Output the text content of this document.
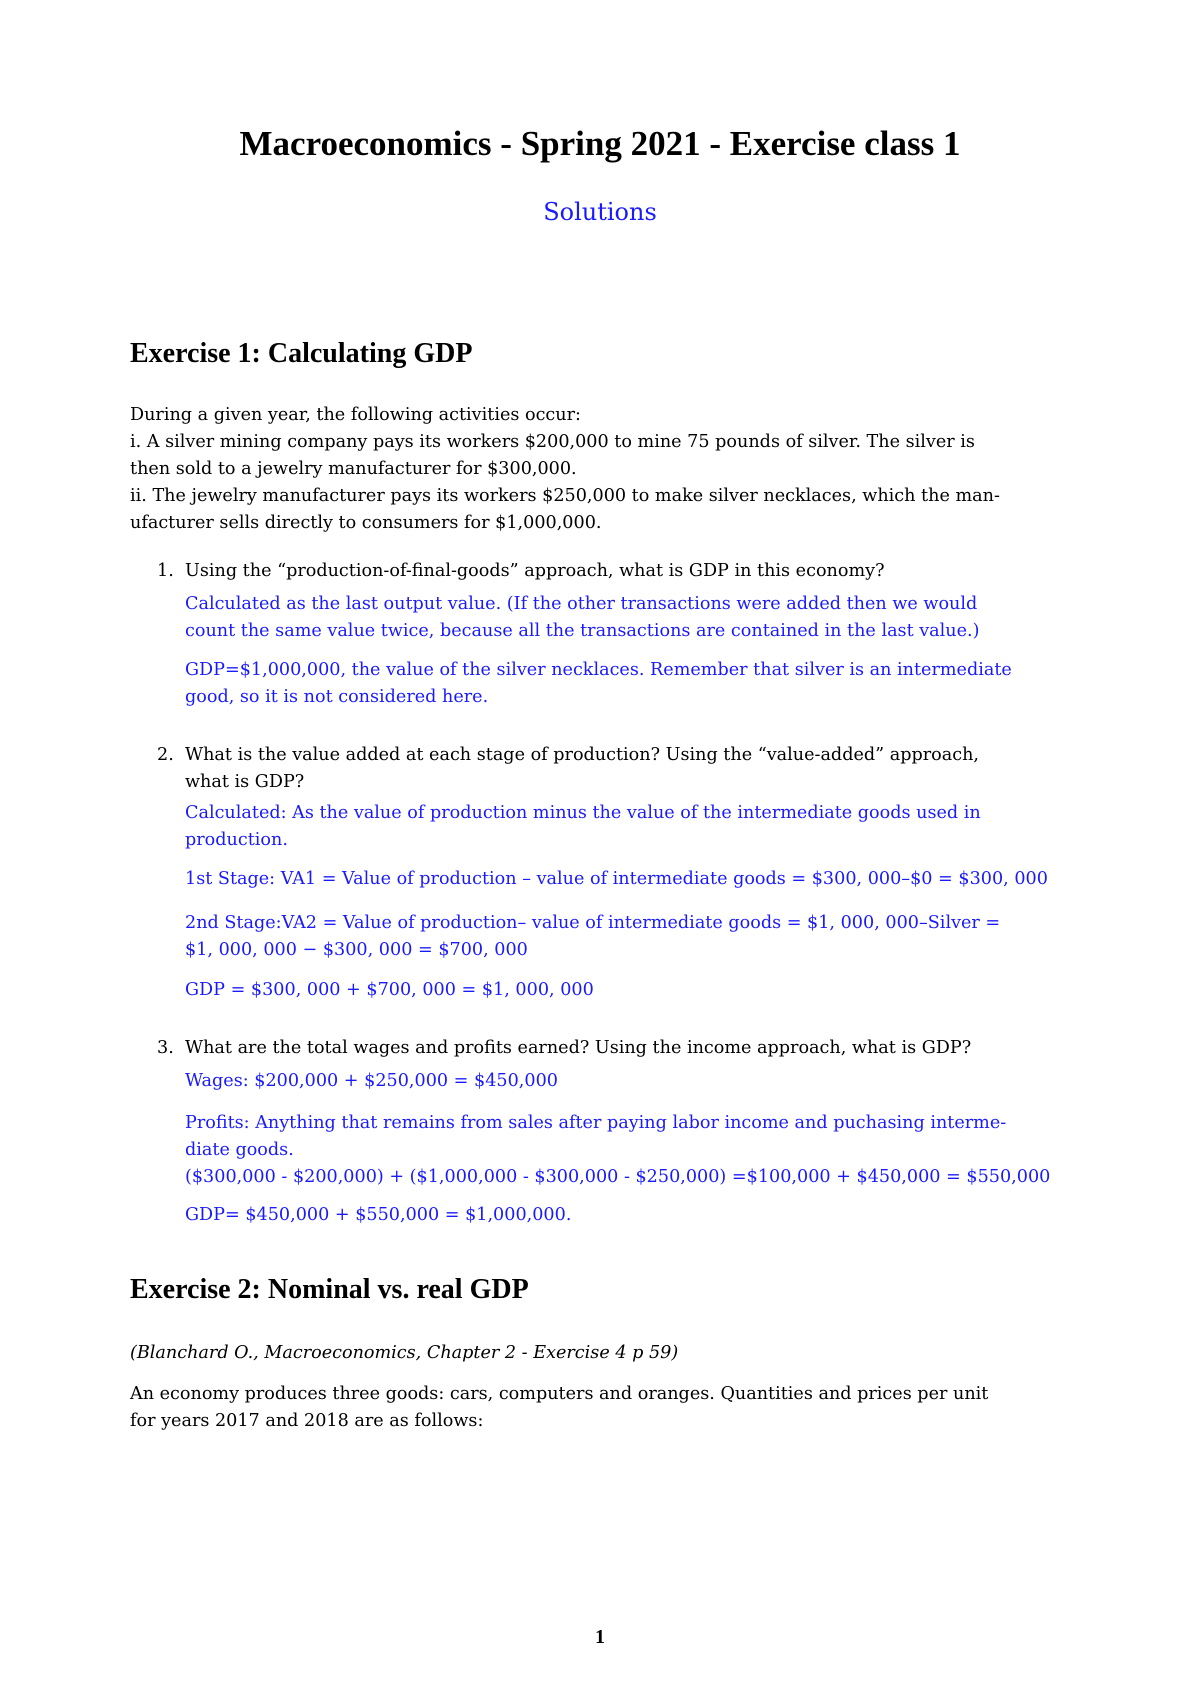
Macroeconomics - Spring 2021 - Exercise class 1
Solutions
Exercise 1: Calculating GDP
During a given year, the following activities occur:
i. A silver mining company pays its workers $200,000 to mine 75 pounds of silver. The silver is
then sold to a jewelry manufacturer for $300,000.
ii. The jewelry manufacturer pays its workers $250,000 to make silver necklaces, which the man-
ufacturer sells directly to consumers for $1,000,000.
1. Using the “production-of-final-goods” approach, what is GDP in this economy?
Calculated as the last output value. (If the other transactions were added then we would
count the same value twice, because all the transactions are contained in the last value.)
GDP=$1,000,000, the value of the silver necklaces. Remember that silver is an intermediate
good, so it is not considered here.
2. What is the value added at each stage of production? Using the “value-added” approach,
what is GDP?
Calculated: As the value of production minus the value of the intermediate goods used in
production.
1st Stage: VA1 = Value of production – value of intermediate goods = $300, 000–$0 = $300, 000
2nd Stage:VA2 = Value of production– value of intermediate goods = $1, 000, 000–Silver =
$1, 000, 000 − $300, 000 = $700, 000
GDP = $300, 000 + $700, 000 = $1, 000, 000
3. What are the total wages and profits earned? Using the income approach, what is GDP?
Wages: $200,000 + $250,000 = $450,000
Profits: Anything that remains from sales after paying labor income and puchasing interme-
diate goods.
($300,000 - $200,000) + ($1,000,000 - $300,000 - $250,000) =$100,000 + $450,000 = $550,000
GDP= $450,000 + $550,000 = $1,000,000.
Exercise 2: Nominal vs. real GDP
(Blanchard O., Macroeconomics, Chapter 2 - Exercise 4 p 59)
An economy produces three goods: cars, computers and oranges. Quantities and prices per unit
for years 2017 and 2018 are as follows:
1
